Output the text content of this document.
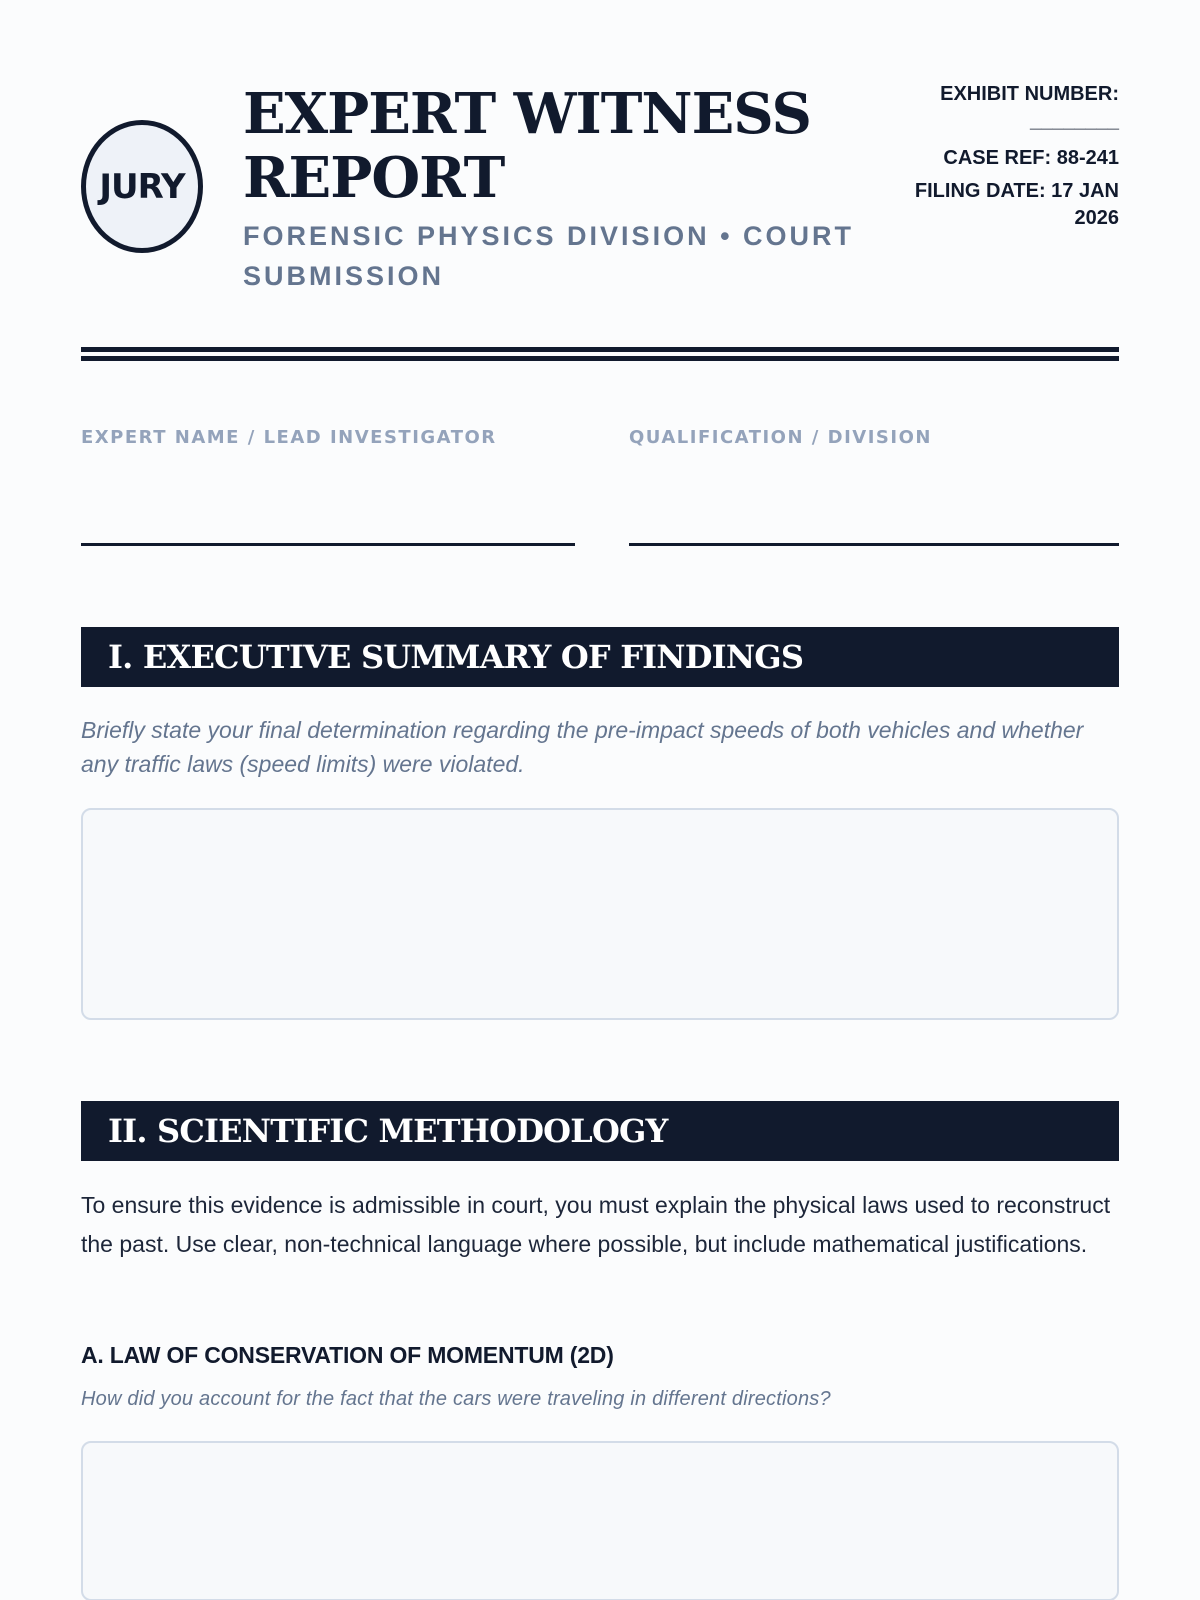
JURY
EXPERT WITNESS REPORT
FORENSIC PHYSICS DIVISION • COURT SUBMISSION
EXHIBIT NUMBER:
________
CASE REF: 88-241
FILING DATE: 17 JAN 2026
EXPERT NAME / LEAD INVESTIGATOR	QUALIFICATION / DIVISION
I. EXECUTIVE SUMMARY OF FINDINGS
Briefly state your final determination regarding the pre-impact speeds of both vehicles and whether any traffic laws (speed limits) were violated.
II. SCIENTIFIC METHODOLOGY
To ensure this evidence is admissible in court, you must explain the physical laws used to reconstruct the past. Use clear, non-technical language where possible, but include mathematical justifications.
A. LAW OF CONSERVATION OF MOMENTUM (2D)
How did you account for the fact that the cars were traveling in different directions?
